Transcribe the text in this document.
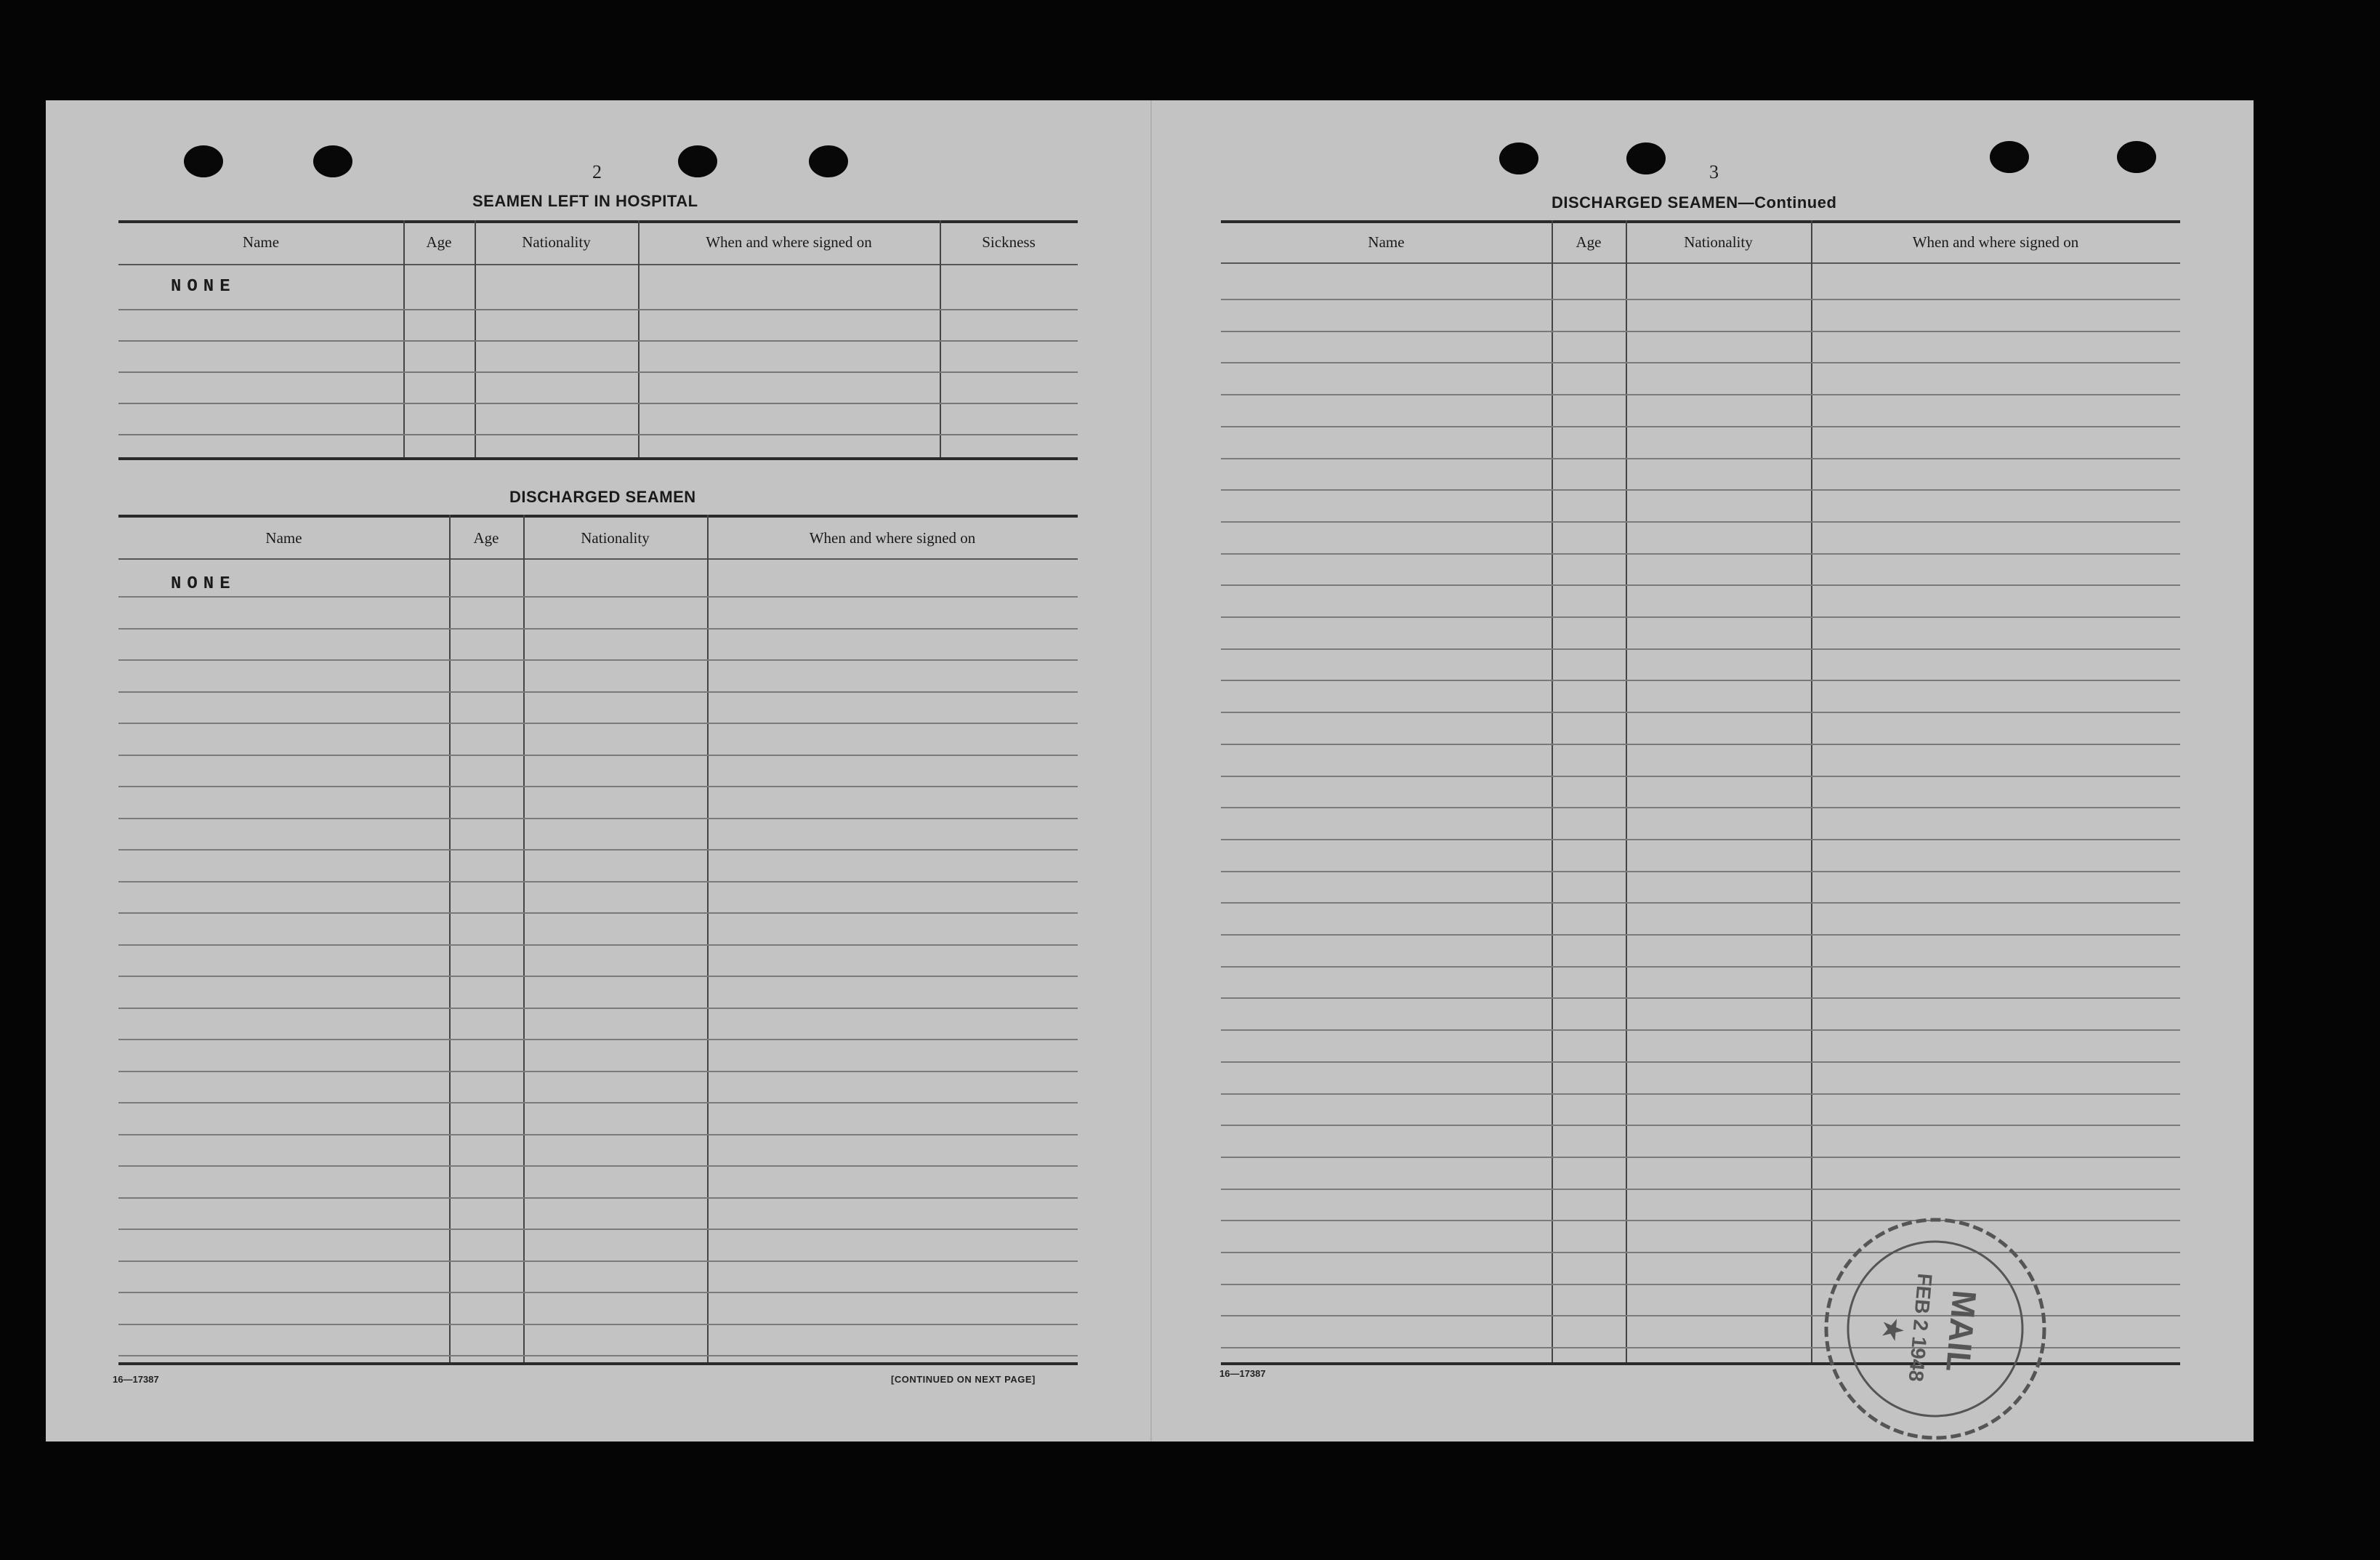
2
SEAMEN LEFT IN HOSPITAL
Name	Age	Nationality	When and where signed on	Sickness
NONE
DISCHARGED SEAMEN
Name	Age	Nationality	When and where signed on
NONE
16—17387	[CONTINUED ON NEXT PAGE]
3
DISCHARGED SEAMEN—Continued
Name	Age	Nationality	When and where signed on
16—17387
MAIL
FEB 2 1948
★
